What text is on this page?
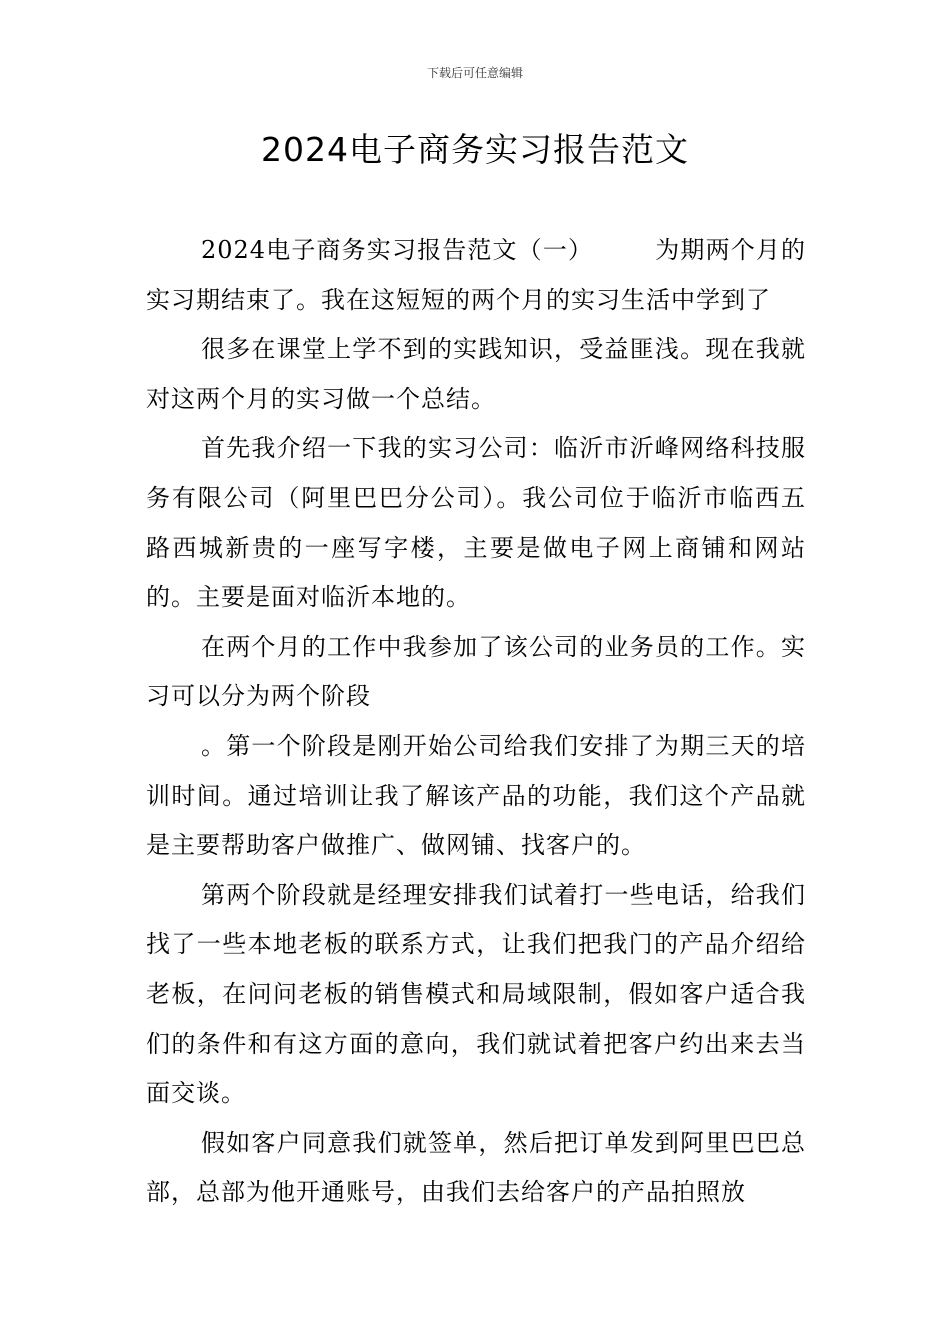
下载后可任意编辑
2024电子商务实习报告范文

2024电子商务实习报告范文（一）	为期两个月的实习期结束了。我在这短短的两个月的实习生活中学到了

很多在课堂上学不到的实践知识，受益匪浅。现在我就对这两个月的实习做一个总结。

首先我介绍一下我的实习公司：临沂市沂峰网络科技服务有限公司（阿里巴巴分公司）。我公司位于临沂市临西五路西城新贵的一座写字楼，主要是做电子网上商铺和网站的。主要是面对临沂本地的。

在两个月的工作中我参加了该公司的业务员的工作。实习可以分为两个阶段

。第一个阶段是刚开始公司给我们安排了为期三天的培训时间。通过培训让我了解该产品的功能，我们这个产品就是主要帮助客户做推广、做网铺、找客户的。

第两个阶段就是经理安排我们试着打一些电话，给我们找了一些本地老板的联系方式，让我们把我门的产品介绍给老板，在问问老板的销售模式和局域限制，假如客户适合我们的条件和有这方面的意向，我们就试着把客户约出来去当面交谈。

假如客户同意我们就签单，然后把订单发到阿里巴巴总部，总部为他开通账号，由我们去给客户的产品拍照放
